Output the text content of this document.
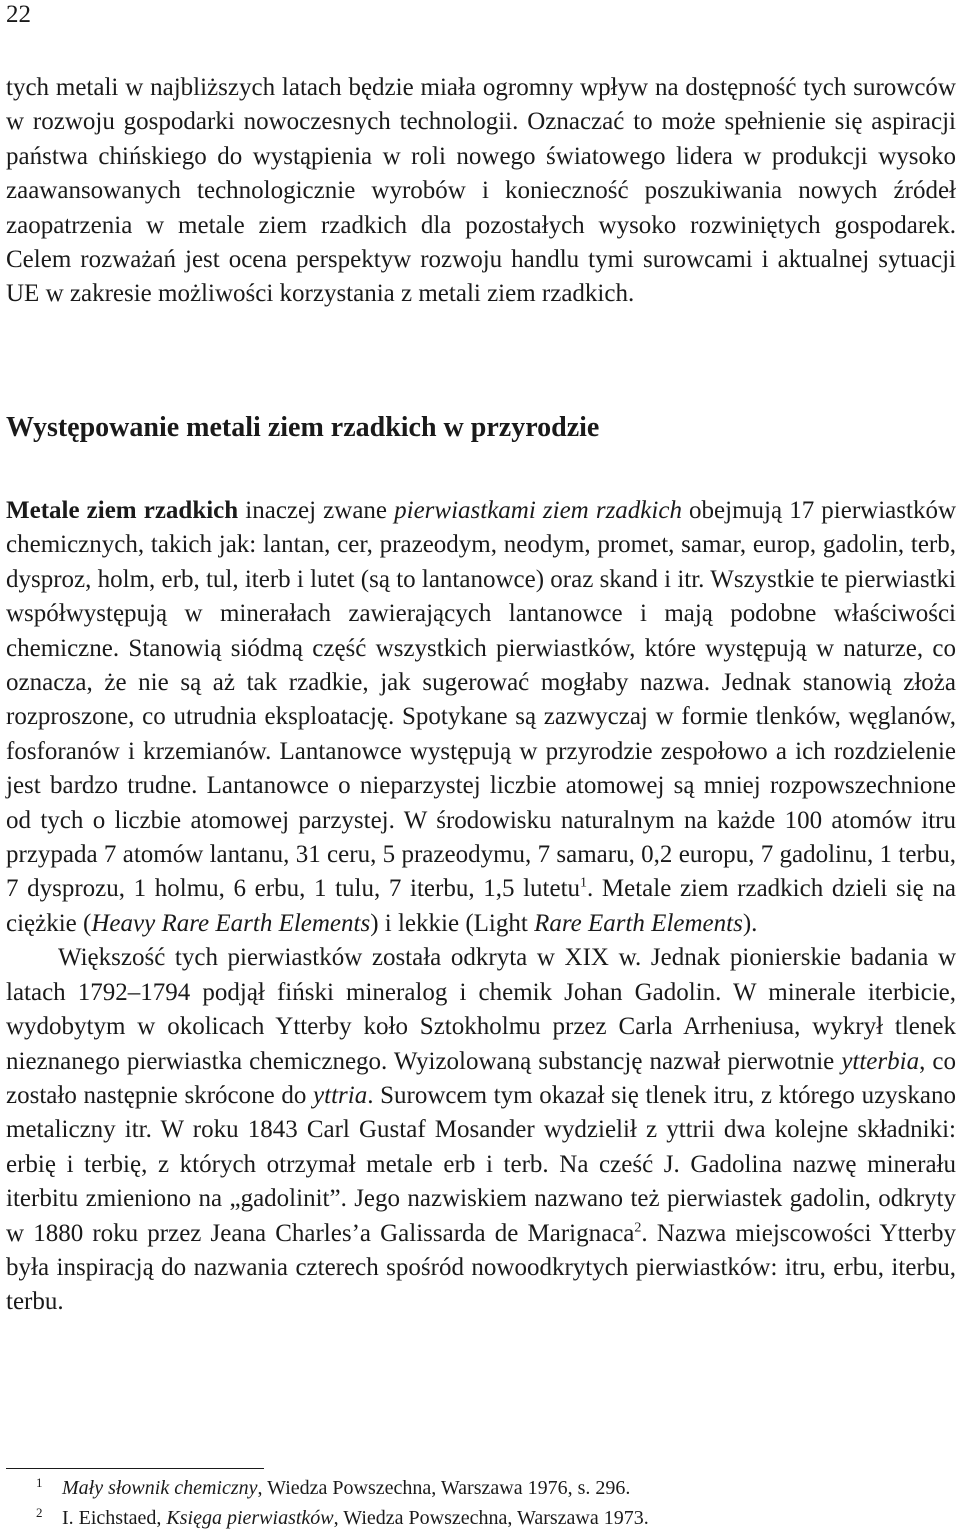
22

tych metali w najbliższych latach będzie miała ogromny wpływ na dostępność tych surowców w rozwoju gospodarki nowoczesnych technologii. Oznaczać to może spełnienie się aspiracji państwa chińskiego do wystąpienia w roli nowego światowego lidera w produkcji wysoko zaawansowanych technologicznie wyrobów i konieczność poszukiwania nowych źródeł zaopatrzenia w metale ziem rzadkich dla pozostałych wysoko rozwiniętych gospodarek. Celem rozważań jest ocena perspektyw rozwoju handlu tymi surowcami i aktualnej sytuacji UE w zakresie możliwości korzystania z metali ziem rzadkich.

Występowanie metali ziem rzadkich w przyrodzie

Metale ziem rzadkich inaczej zwane pierwiastkami ziem rzadkich obejmują 17 pierwiastków chemicznych, takich jak: lantan, cer, prazeodym, neodym, promet, samar, europ, gadolin, terb, dysproz, holm, erb, tul, iterb i lutet (są to lantanowce) oraz skand i itr. Wszystkie te pierwiastki współwystępują w minerałach zawierających lantanowce i mają podobne właściwości chemiczne. Stanowią siódmą część wszystkich pierwiastków, które występują w naturze, co oznacza, że nie są aż tak rzadkie, jak sugerować mogłaby nazwa. Jednak stanowią złoża rozproszone, co utrudnia eksploatację. Spotykane są zazwyczaj w formie tlenków, węglanów, fosforanów i krzemianów. Lantanowce występują w przyrodzie zespołowo a ich rozdzielenie jest bardzo trudne. Lantanowce o nieparzystej liczbie atomowej są mniej rozpowszechnione od tych o liczbie atomowej parzystej. W środowisku naturalnym na każde 100 atomów itru przypada 7 atomów lantanu, 31 ceru, 5 prazeodymu, 7 samaru, 0,2 europu, 7 gadolinu, 1 terbu, 7 dysprozu, 1 holmu, 6 erbu, 1 tulu, 7 iterbu, 1,5 lutetu$^1$. Metale ziem rzadkich dzieli się na ciężkie (Heavy Rare Earth Elements) i lekkie (Light Rare Earth Elements).

Większość tych pierwiastków została odkryta w XIX w. Jednak pionierskie badania w latach 1792–1794 podjął fiński mineralog i chemik Johan Gadolin. W minerale iterbicie, wydobytym w okolicach Ytterby koło Sztokholmu przez Carla Arrheniusa, wykrył tlenek nieznanego pierwiastka chemicznego. Wyizolowaną substancję nazwał pierwotnie ytterbia, co zostało następnie skrócone do yttria. Surowcem tym okazał się tlenek itru, z którego uzyskano metaliczny itr. W roku 1843 Carl Gustaf Mosander wydzielił z yttrii dwa kolejne składniki: erbię i terbię, z których otrzymał metale erb i terb. Na cześć J. Gadolina nazwę minerału iterbitu zmieniono na „gadolinit”. Jego nazwiskiem nazwano też pierwiastek gadolin, odkryty w 1880 roku przez Jeana Charles’a Galissarda de Marignaca$^2$. Nazwa miejscowości Ytterby była inspiracją do nazwania czterech spośród nowoodkrytych pierwiastków: itru, erbu, iterbu, terbu.

1 Mały słownik chemiczny, Wiedza Powszechna, Warszawa 1976, s. 296.

2 I. Eichstaed, Księga pierwiastków, Wiedza Powszechna, Warszawa 1973.
